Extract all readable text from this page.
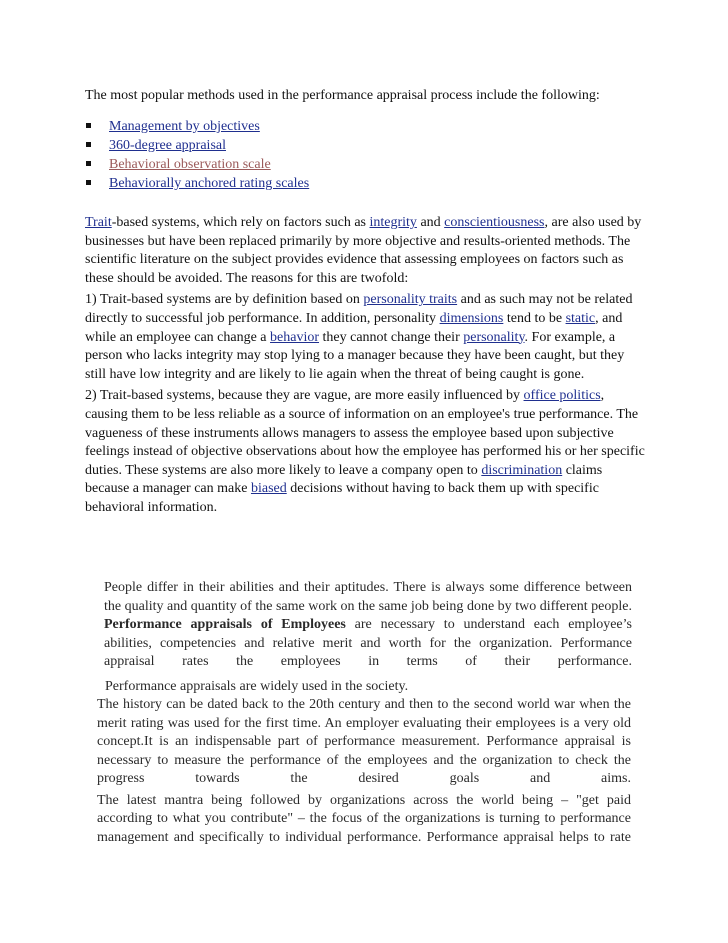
The most popular methods used in the performance appraisal process include the following:

Management by objectives
360-degree appraisal
Behavioral observation scale
Behaviorally anchored rating scales

Trait-based systems, which rely on factors such as integrity and conscientiousness, are also used by businesses but have been replaced primarily by more objective and results-oriented methods. The scientific literature on the subject provides evidence that assessing employees on factors such as these should be avoided. The reasons for this are twofold:

1) Trait-based systems are by definition based on personality traits and as such may not be related directly to successful job performance. In addition, personality dimensions tend to be static, and while an employee can change a behavior they cannot change their personality. For example, a person who lacks integrity may stop lying to a manager because they have been caught, but they still have low integrity and are likely to lie again when the threat of being caught is gone.

2) Trait-based systems, because they are vague, are more easily influenced by office politics, causing them to be less reliable as a source of information on an employee's true performance. The vagueness of these instruments allows managers to assess the employee based upon subjective feelings instead of objective observations about how the employee has performed his or her specific duties. These systems are also more likely to leave a company open to discrimination claims because a manager can make biased decisions without having to back them up with specific behavioral information.

People differ in their abilities and their aptitudes. There is always some difference between the quality and quantity of the same work on the same job being done by two different people. Performance appraisals of Employees are necessary to understand each employee’s abilities, competencies and relative merit and worth for the organization. Performance appraisal rates the employees in terms of their performance.

Performance appraisals are widely used in the society.

The history can be dated back to the 20th century and then to the second world war when the merit rating was used for the first time. An employer evaluating their employees is a very old concept.It is an indispensable part of performance measurement. Performance appraisal is necessary to measure the performance of the employees and the organization to check the progress towards the desired goals and aims.

The latest mantra being followed by organizations across the world being – "get paid according to what you contribute" – the focus of the organizations is turning to performance management and specifically to individual performance. Performance appraisal helps to rate
